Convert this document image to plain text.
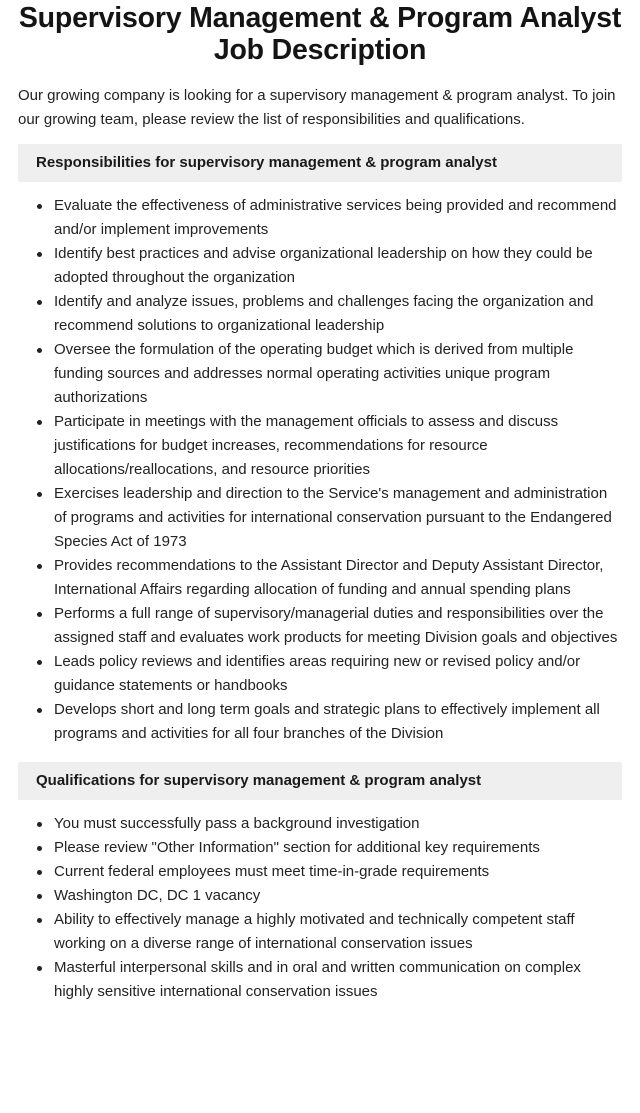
Supervisory Management & Program Analyst Job Description

Our growing company is looking for a supervisory management & program analyst. To join our growing team, please review the list of responsibilities and qualifications.

Responsibilities for supervisory management & program analyst
Evaluate the effectiveness of administrative services being provided and recommend and/or implement improvements
Identify best practices and advise organizational leadership on how they could be adopted throughout the organization
Identify and analyze issues, problems and challenges facing the organization and recommend solutions to organizational leadership
Oversee the formulation of the operating budget which is derived from multiple funding sources and addresses normal operating activities unique program authorizations
Participate in meetings with the management officials to assess and discuss justifications for budget increases, recommendations for resource allocations/reallocations, and resource priorities
Exercises leadership and direction to the Service's management and administration of programs and activities for international conservation pursuant to the Endangered Species Act of 1973
Provides recommendations to the Assistant Director and Deputy Assistant Director, International Affairs regarding allocation of funding and annual spending plans
Performs a full range of supervisory/managerial duties and responsibilities over the assigned staff and evaluates work products for meeting Division goals and objectives
Leads policy reviews and identifies areas requiring new or revised policy and/or guidance statements or handbooks
Develops short and long term goals and strategic plans to effectively implement all programs and activities for all four branches of the Division
Qualifications for supervisory management & program analyst
You must successfully pass a background investigation
Please review "Other Information" section for additional key requirements
Current federal employees must meet time-in-grade requirements
Washington DC, DC 1 vacancy
Ability to effectively manage a highly motivated and technically competent staff working on a diverse range of international conservation issues
Masterful interpersonal skills and in oral and written communication on complex highly sensitive international conservation issues
